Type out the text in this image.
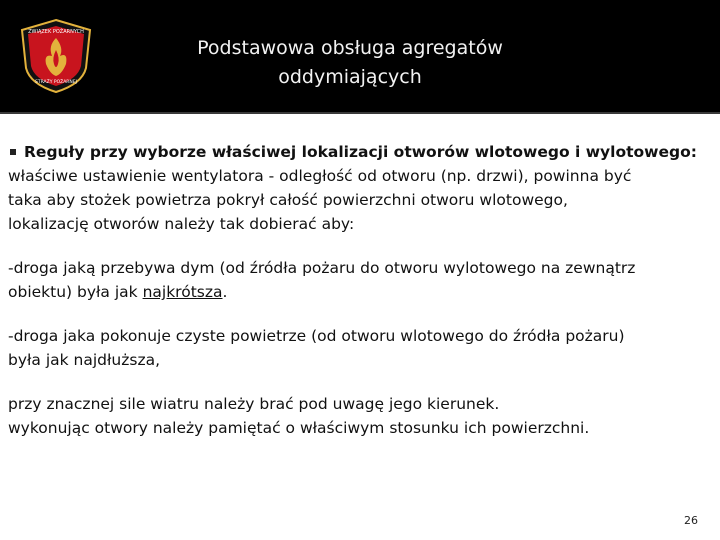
ZWIĄZEK POŻARNYCH
STRAŻY POŻARNEJ
Podstawowa obsługa agregatów
oddymiających

Reguły przy wyborze właściwej lokalizacji otworów wlotowego i wylotowego:

właściwe ustawienie wentylatora - odległość od otworu (np. drzwi), powinna być

taka aby stożek powietrza pokrył całość powierzchni otworu wlotowego,

lokalizację otworów należy tak dobierać aby:

-droga jaką przebywa dym (od źródła pożaru do otworu wylotowego na zewnątrz

obiektu) była jak najkrótsza.

-droga jaka pokonuje czyste powietrze (od otworu wlotowego do źródła pożaru)

była jak najdłuższa,

przy znacznej sile wiatru należy brać pod uwagę jego kierunek.

wykonując otwory należy pamiętać o właściwym stosunku ich powierzchni.

26
